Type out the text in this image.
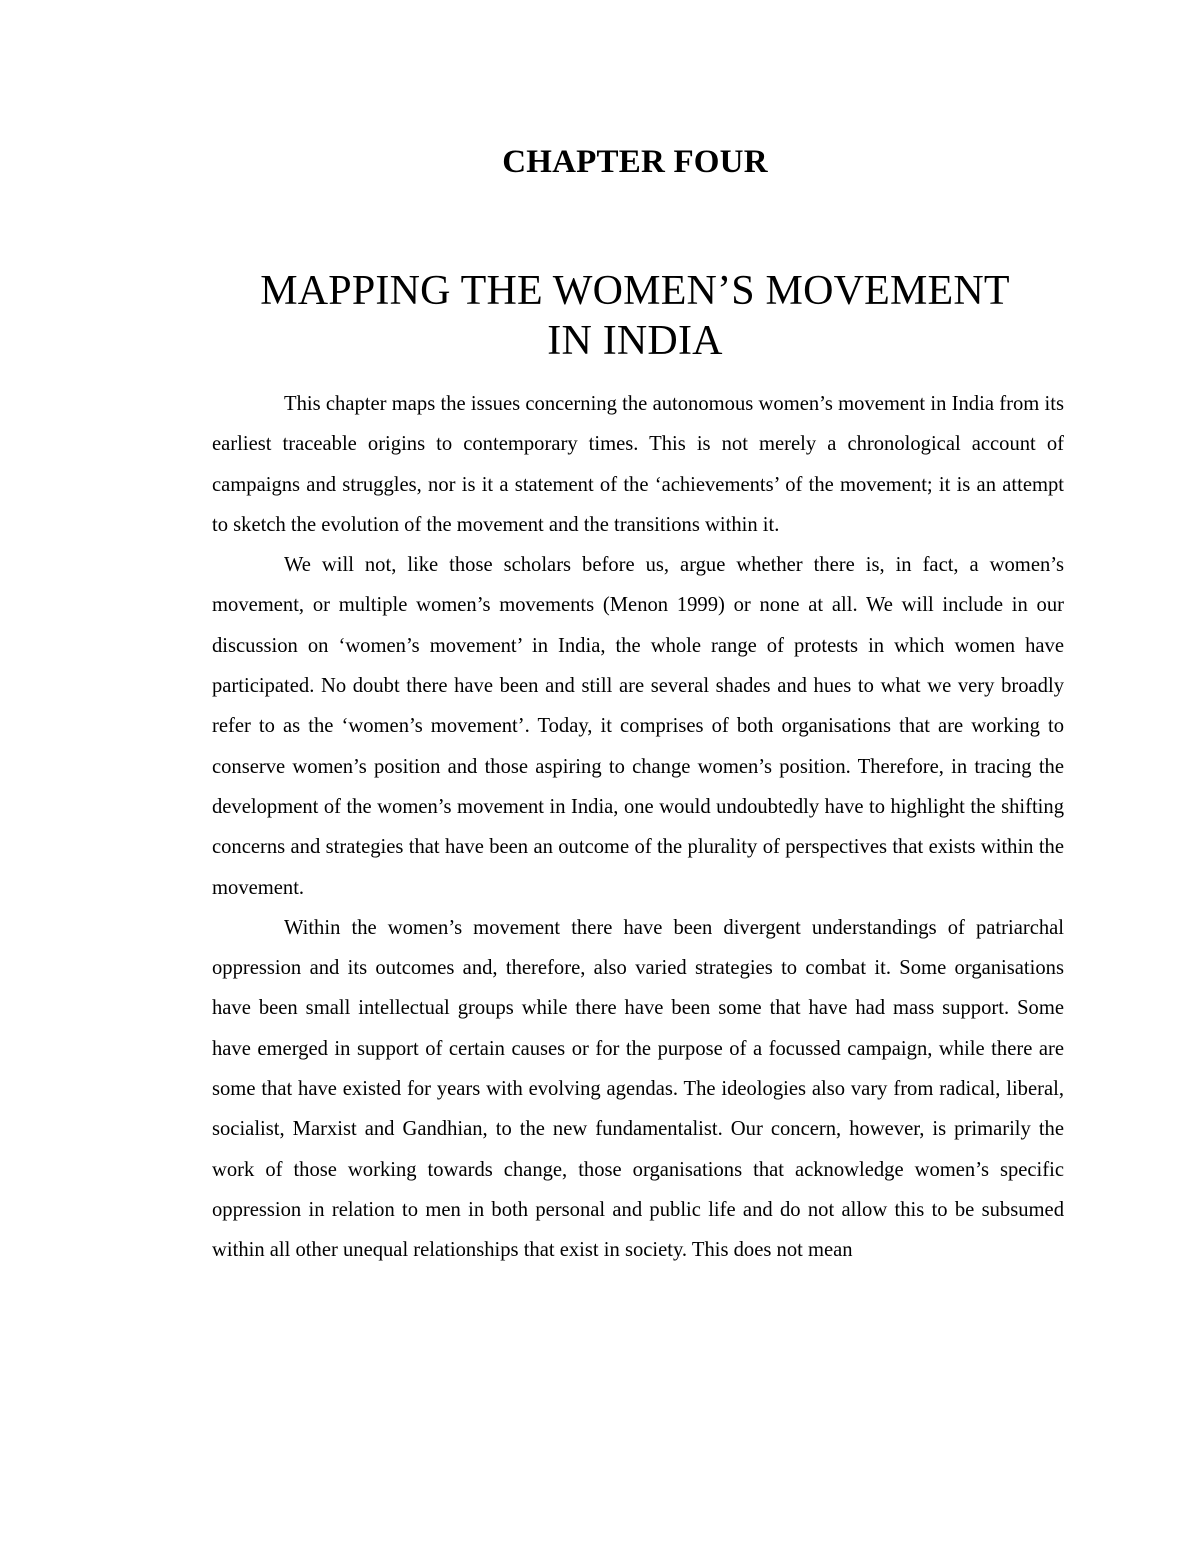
CHAPTER FOUR
MAPPING THE WOMEN’S MOVEMENT
IN INDIA

This chapter maps the issues concerning the autonomous women’s movement in India from its earliest traceable origins to contemporary times. This is not merely a chronological account of campaigns and struggles, nor is it a statement of the ‘achievements’ of the movement; it is an attempt to sketch the evolution of the movement and the transitions within it.

We will not, like those scholars before us, argue whether there is, in fact, a women’s movement, or multiple women’s movements (Menon 1999) or none at all. We will include in our discussion on ‘women’s movement’ in India, the whole range of protests in which women have participated. No doubt there have been and still are several shades and hues to what we very broadly refer to as the ‘women’s movement’. Today, it comprises of both organisations that are working to conserve women’s position and those aspiring to change women’s position. Therefore, in tracing the development of the women’s movement in India, one would undoubtedly have to highlight the shifting concerns and strategies that have been an outcome of the plurality of perspectives that exists within the movement.

Within the women’s movement there have been divergent understandings of patriarchal oppression and its outcomes and, therefore, also varied strategies to combat it. Some organisations have been small intellectual groups while there have been some that have had mass support. Some have emerged in support of certain causes or for the purpose of a focussed campaign, while there are some that have existed for years with evolving agendas. The ideologies also vary from radical, liberal, socialist, Marxist and Gandhian, to the new fundamentalist. Our concern, however, is primarily the work of those working towards change, those organisations that acknowledge women’s specific oppression in relation to men in both personal and public life and do not allow this to be subsumed within all other unequal relationships that exist in society. This does not mean
